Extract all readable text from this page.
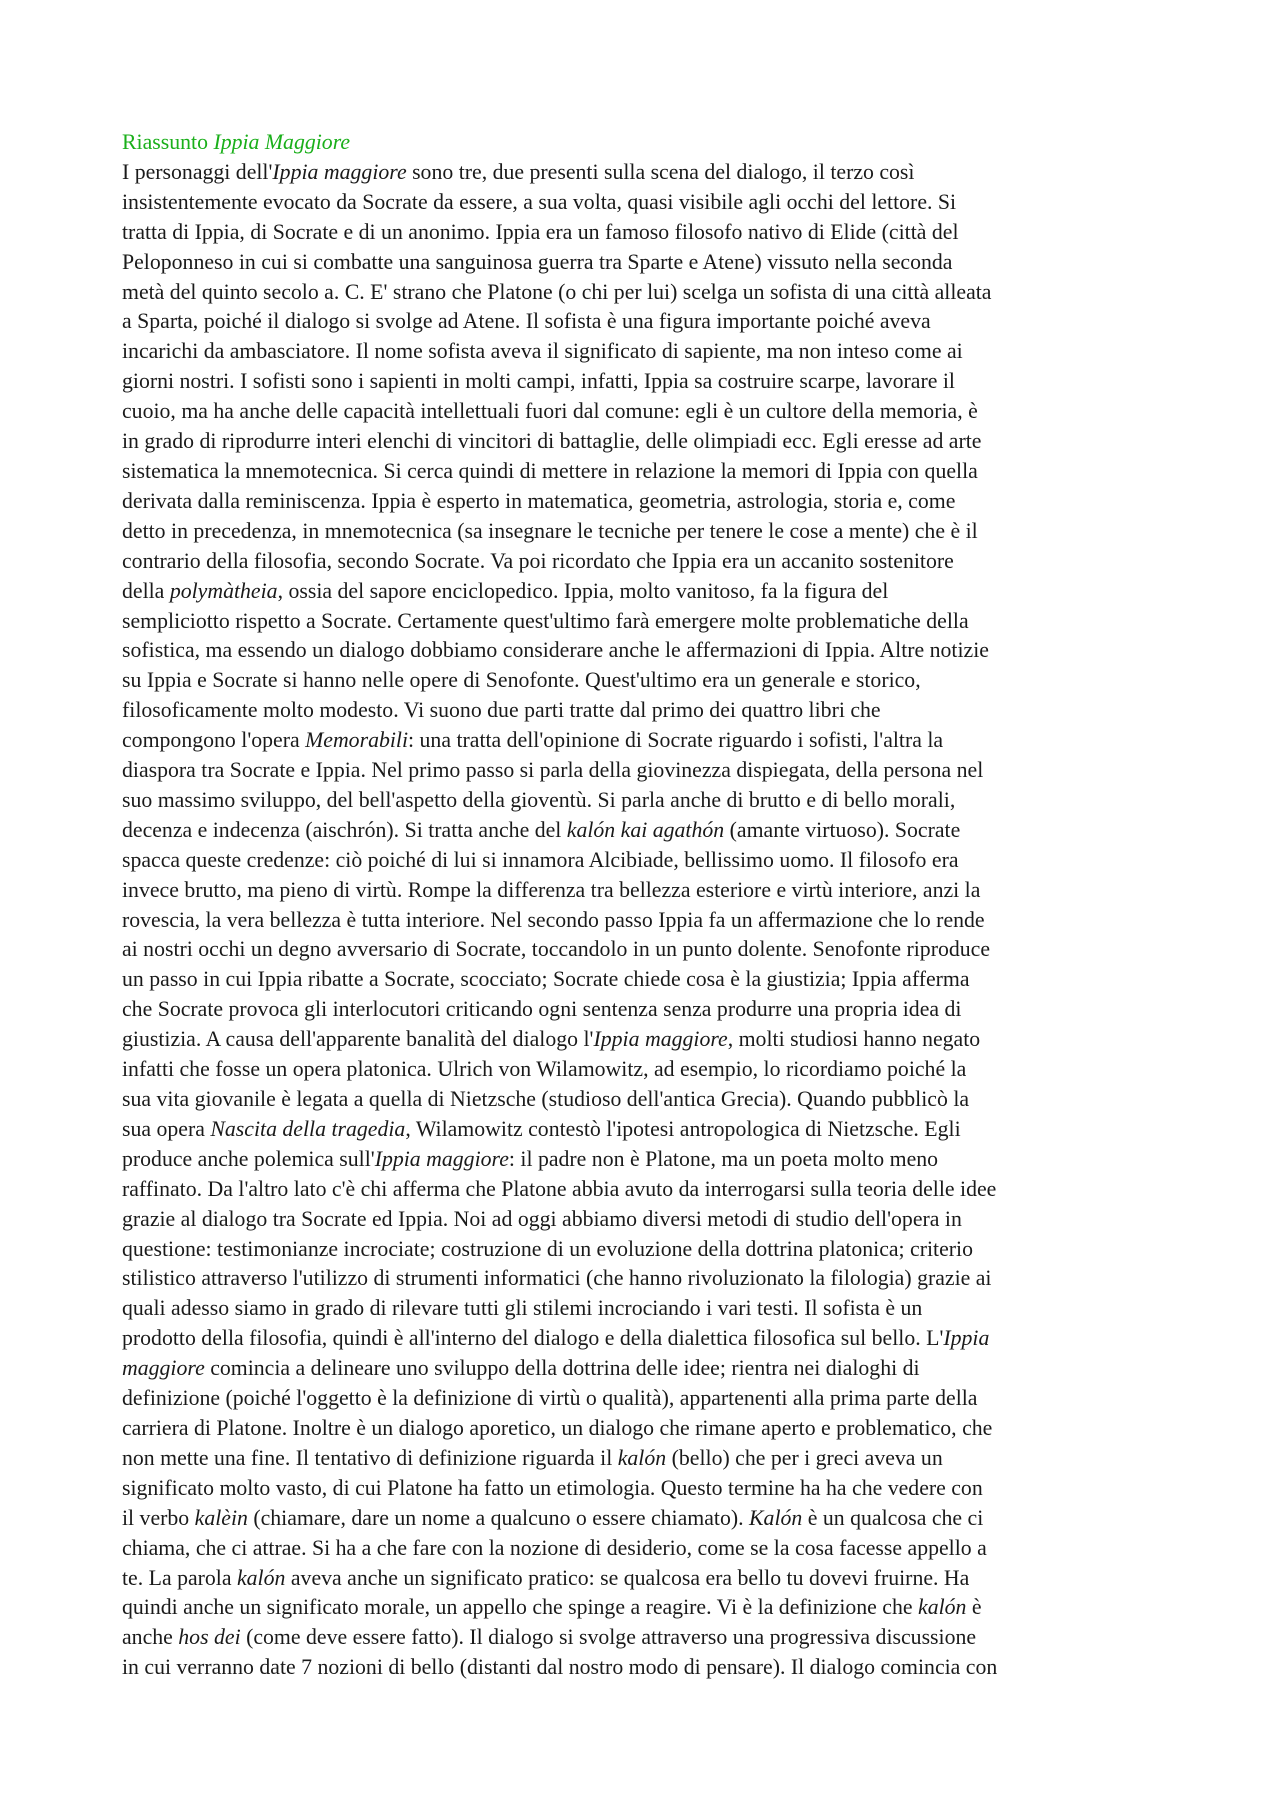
Riassunto Ippia Maggiore
I personaggi dell'Ippia maggiore sono tre, due presenti sulla scena del dialogo, il terzo così
insistentemente evocato da Socrate da essere, a sua volta, quasi visibile agli occhi del lettore. Si
tratta di Ippia, di Socrate e di un anonimo. Ippia era un famoso filosofo nativo di Elide (città del
Peloponneso in cui si combatte una sanguinosa guerra tra Sparte e Atene) vissuto nella seconda
metà del quinto secolo a. C. E' strano che Platone (o chi per lui) scelga un sofista di una città alleata
a Sparta, poiché il dialogo si svolge ad Atene. Il sofista è una figura importante poiché aveva
incarichi da ambasciatore. Il nome sofista aveva il significato di sapiente, ma non inteso come ai
giorni nostri. I sofisti sono i sapienti in molti campi, infatti, Ippia sa costruire scarpe, lavorare il
cuoio, ma ha anche delle capacità intellettuali fuori dal comune: egli è un cultore della memoria, è
in grado di riprodurre interi elenchi di vincitori di battaglie, delle olimpiadi ecc. Egli eresse ad arte
sistematica la mnemotecnica. Si cerca quindi di mettere in relazione la memori di Ippia con quella
derivata dalla reminiscenza. Ippia è esperto in matematica, geometria, astrologia, storia e, come
detto in precedenza, in mnemotecnica (sa insegnare le tecniche per tenere le cose a mente) che è il
contrario della filosofia, secondo Socrate. Va poi ricordato che Ippia era un accanito sostenitore
della polymàtheia, ossia del sapore enciclopedico. Ippia, molto vanitoso, fa la figura del
sempliciotto rispetto a Socrate. Certamente quest'ultimo farà emergere molte problematiche della
sofistica, ma essendo un dialogo dobbiamo considerare anche le affermazioni di Ippia. Altre notizie
su Ippia e Socrate si hanno nelle opere di Senofonte. Quest'ultimo era un generale e storico,
filosoficamente molto modesto. Vi suono due parti tratte dal primo dei quattro libri che
compongono l'opera Memorabili: una tratta dell'opinione di Socrate riguardo i sofisti, l'altra la
diaspora tra Socrate e Ippia. Nel primo passo si parla della giovinezza dispiegata, della persona nel
suo massimo sviluppo, del bell'aspetto della gioventù. Si parla anche di brutto e di bello morali,
decenza e indecenza (aischrón). Si tratta anche del kalón kai agathón (amante virtuoso). Socrate
spacca queste credenze: ciò poiché di lui si innamora Alcibiade, bellissimo uomo. Il filosofo era
invece brutto, ma pieno di virtù. Rompe la differenza tra bellezza esteriore e virtù interiore, anzi la
rovescia, la vera bellezza è tutta interiore. Nel secondo passo Ippia fa un affermazione che lo rende
ai nostri occhi un degno avversario di Socrate, toccandolo in un punto dolente. Senofonte riproduce
un passo in cui Ippia ribatte a Socrate, scocciato; Socrate chiede cosa è la giustizia; Ippia afferma
che Socrate provoca gli interlocutori criticando ogni sentenza senza produrre una propria idea di
giustizia. A causa dell'apparente banalità del dialogo l'Ippia maggiore, molti studiosi hanno negato
infatti che fosse un opera platonica. Ulrich von Wilamowitz, ad esempio, lo ricordiamo poiché la
sua vita giovanile è legata a quella di Nietzsche (studioso dell'antica Grecia). Quando pubblicò la
sua opera Nascita della tragedia, Wilamowitz contestò l'ipotesi antropologica di Nietzsche. Egli
produce anche polemica sull'Ippia maggiore: il padre non è Platone, ma un poeta molto meno
raffinato. Da l'altro lato c'è chi afferma che Platone abbia avuto da interrogarsi sulla teoria delle idee
grazie al dialogo tra Socrate ed Ippia. Noi ad oggi abbiamo diversi metodi di studio dell'opera in
questione: testimonianze incrociate; costruzione di un evoluzione della dottrina platonica; criterio
stilistico attraverso l'utilizzo di strumenti informatici (che hanno rivoluzionato la filologia) grazie ai
quali adesso siamo in grado di rilevare tutti gli stilemi incrociando i vari testi. Il sofista è un
prodotto della filosofia, quindi è all'interno del dialogo e della dialettica filosofica sul bello. L'Ippia
maggiore comincia a delineare uno sviluppo della dottrina delle idee; rientra nei dialoghi di
definizione (poiché l'oggetto è la definizione di virtù o qualità), appartenenti alla prima parte della
carriera di Platone. Inoltre è un dialogo aporetico, un dialogo che rimane aperto e problematico, che
non mette una fine. Il tentativo di definizione riguarda il kalón (bello) che per i greci aveva un
significato molto vasto, di cui Platone ha fatto un etimologia. Questo termine ha ha che vedere con
il verbo kalèin (chiamare, dare un nome a qualcuno o essere chiamato). Kalón è un qualcosa che ci
chiama, che ci attrae. Si ha a che fare con la nozione di desiderio, come se la cosa facesse appello a
te. La parola kalón aveva anche un significato pratico: se qualcosa era bello tu dovevi fruirne. Ha
quindi anche un significato morale, un appello che spinge a reagire. Vi è la definizione che kalón è
anche hos dei (come deve essere fatto). Il dialogo si svolge attraverso una progressiva discussione
in cui verranno date 7 nozioni di bello (distanti dal nostro modo di pensare). Il dialogo comincia con
